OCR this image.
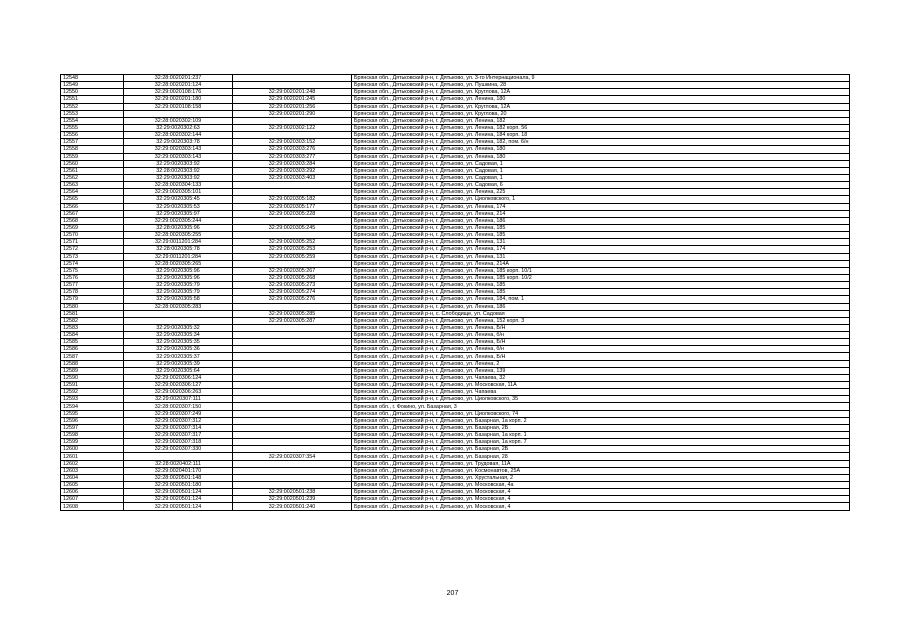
12548	32:28:0020201:237		Брянская обл., Дятьковский р-н, г. Дятьково, ул. 3-го Интернационала, 9
12549	32:28:0020201:124		Брянская обл., Дятьковский р-н, г. Дятьково, ул. Пушкина, 28
12550	32:29:0020108:176	32:29:0020201:248	Брянская обл., Дятьковский р-н, г. Дятьково, ул. Круглова, 12А
12551	32:29:0020201:180	32:29:0020201:245	Брянская обл., Дятьковский р-н, г. Дятьково, ул. Ленина, 180
12552	32:29:0020108:158	32:29:0020201:256	Брянская обл., Дятьковский р-н, г. Дятьково, ул. Круглова, 12А
12553		32:29:0020201:290	Брянская обл., Дятьковский р-н, г. Дятьково, ул. Круглова, 20
12554	32:28:0020302:109		Брянская обл., Дятьковский р-н, г. Дятьково, ул. Ленина, 182
12555	32:29:0020302:63	32:29:0020302:122	Брянская обл., Дятьковский р-н, г. Дятьково, ул. Ленина, 182 корп. 56
12556	32:28:0020302:144		Брянская обл., Дятьковский р-н, г. Дятьково, ул. Ленина, 184 корп. 18
12557	32:29:0020303:78	32:29:0020303:152	Брянская обл., Дятьковский р-н, г. Дятьково, ул. Ленина, 182, пом. 6/н
12558	32:29:0020303:143	32:29:0020303:276	Брянская обл., Дятьковский р-н, г. Дятьково, ул. Ленина, 180
12559	32:29:0020303:143	32:29:0020303:277	Брянская обл., Дятьковский р-н, г. Дятьково, ул. Ленина, 180
12560	32:29:0020303:92	32:29:0020303:284	Брянская обл., Дятьковский р-н, г. Дятьково, ул. Садовая, 1
12561	32:28:0020303:92	32:29:0020303:292	Брянская обл., Дятьковский р-н, г. Дятьково, ул. Садовая, 1
12562	32:29:0020303:92	32:29:0020303:403	Брянская обл., Дятьковский р-н, г. Дятьково, ул. Садовая, 1
12563	32:28:0020304:133		Брянская обл., Дятьковский р-н, г. Дятьково, ул. Садовая, 6
12564	32:29:0020305:101		Брянская обл., Дятьковский р-н, г. Дятьково, ул. Ленина, 225
12565	32:29:0020305:45	32:29:0020305:182	Брянская обл., Дятьковский р-н, г. Дятьково, ул. Циолковского, 1
12566	32:29:0020305:53	32:29:0020305:177	Брянская обл., Дятьковский р-н, г. Дятьково, ул. Ленина, 174
12567	32:29:0020305:97	32:29:0020305:228	Брянская обл., Дятьковский р-н, г. Дятьково, ул. Ленина, 214
12568	32:29:0020305:244		Брянская обл., Дятьковский р-н, г. Дятьково, ул. Ленина, 186
12569	32:28:0020305:96	32:29:0020305:245	Брянская обл., Дятьковский р-н, г. Дятьково, ул. Ленина, 185
12570	32:28:0020305:255		Брянская обл., Дятьковский р-н, г. Дятьково, ул. Ленина, 185
12571	32:29:0011201:284	32:29:0020305:252	Брянская обл., Дятьковский р-н, г. Дятьково, ул. Ленина, 131
12572	32:28:0020305:78	32:29:0020305:253	Брянская обл., Дятьковский р-н, г. Дятьково, ул. Ленина, 174
12573	32:29:0011201:284	32:29:0020305:259	Брянская обл., Дятьковский р-н, г. Дятьково, ул. Ленина, 131
12574	32:28:0020305:265		Брянская обл., Дятьковский р-н, г. Дятьково, ул. Ленина, 214А
12575	32:29:0020305:96	32:29:0020305:267	Брянская обл., Дятьковский р-н, г. Дятьково, ул. Ленина, 185 корп. 10/1
12576	32:29:0020305:96	32:29:0020305:268	Брянская обл., Дятьковский р-н, г. Дятьково, ул. Ленина, 185 корп. 10/2
12577	32:29:0020305:79	32:29:0020305:273	Брянская обл., Дятьковский р-н, г. Дятьково, ул. Ленина, 185
12578	32:29:0020305:79	32:29:0020305:274	Брянская обл., Дятьковский р-н, г. Дятьково, ул. Ленина, 185
12579	32:29:0020305:58	32:29:0020305:276	Брянская обл., Дятьковский р-н, г. Дятьково, ул. Ленина, 184, пом. 1
12580	32:28:0020305:283		Брянская обл., Дятьковский р-н, г. Дятьково, ул. Ленина, 186
12581		32:29:0020305:285	Брянская обл., Дятьковский р-н, с. Слободище, ул. Садовая
12582		32:29:0020305:287	Брянская обл., Дятьковский р-н, г. Дятьково, ул. Ленина, 152 корп. 3
12583	32:29:0020305:32		Брянская обл., Дятьковский р-н, г. Дятьково, ул. Ленина, Б/Н
12584	32:29:0020305:34		Брянская обл., Дятьковский р-н, г. Дятьково, ул. Ленина, б/н
12585	32:29:0020305:35		Брянская обл., Дятьковский р-н, г. Дятьково, ул. Ленина, Б/Н
12586	32:29:0020305:36		Брянская обл., Дятьковский р-н, г. Дятьково, ул. Ленина, б/н
12587	32:29:0020305:37		Брянская обл., Дятьковский р-н, г. Дятьково, ул. Ленина, Б/Н
12588	32:29:0020305:39		Брянская обл., Дятьковский р-н, г. Дятьково, ул. Ленина, 2
12589	32:29:0020305:64		Брянская обл., Дятьковский р-н, г. Дятьково, ул. Ленина, 139
12590	32:29:0020306:124		Брянская обл., Дятьковский р-н, г. Дятьково, ул. Чапаева, 32
12591	32:29:0020306:127		Брянская обл., Дятьковский р-н, г. Дятьково, ул. Московская, 11А
12592	32:29:0020306:263		Брянская обл., Дятьковский р-н, г. Дятьково, ул. Чапаева
12593	32:29:0020307:111		Брянская обл., Дятьковский р-н, г. Дятьково, ул. Циолковского, 35
12594	32:28:0020307:150		Брянская обл., г. Фокино, ул. Базарная, 3
12595	32:29:0020307:249		Брянская обл., Дятьковский р-н, г. Дятьково, ул. Циолковского, 74
12596	32:29:0020307:312		Брянская обл., Дятьковский р-н, г. Дятьково, ул. Базарная, 1а корп. 2
12597	32:29:0020307:314		Брянская обл., Дятьковский р-н, г. Дятьково, ул. Базарная, 2Б
12598	32:29:0020307:317		Брянская обл., Дятьковский р-н, г. Дятьково, ул. Базарная, 1а корп. 1
12599	32:29:0020307:318		Брянская обл., Дятьковский р-н, г. Дятьково, ул. Базарная, 1а корп. 7
12600	32:29:0020307:330		Брянская обл., Дятьковский р-н, г. Дятьково, ул. Базарная, 2Б
12601		32:29:0020307:354	Брянская обл., Дятьковский р-н, г. Дятьково, ул. Базарная, 28
12602	32:28:0020402:111		Брянская обл., Дятьковский р-н, г. Дятьково, ул. Трудовая, 11А
12603	32:29:0020401:170		Брянская обл., Дятьковский р-н, г. Дятьково, ул. Космонавтов, 25А
12604	32:28:0020501:148		Брянская обл., Дятьковский р-н, г. Дятьково, ул. Хрустальная, 2
12605	32:29:0020501:180		Брянская обл., Дятьковский р-н, г. Дятьково, ул. Московская, 4а
12606	32:29:0020501:124	32:29:0020501:238	Брянская обл., Дятьковский р-н, г. Дятьково, ул. Московская, 4
12607	32:29:0020501:124	32:29:0020501:239	Брянская обл., Дятьковский р-н, г. Дятьково, ул. Московская, 4
12608	32:29:0020501:124	32:29:0020501:240	Брянская обл., Дятьковский р-н, г. Дятьково, ул. Московская, 4
207
